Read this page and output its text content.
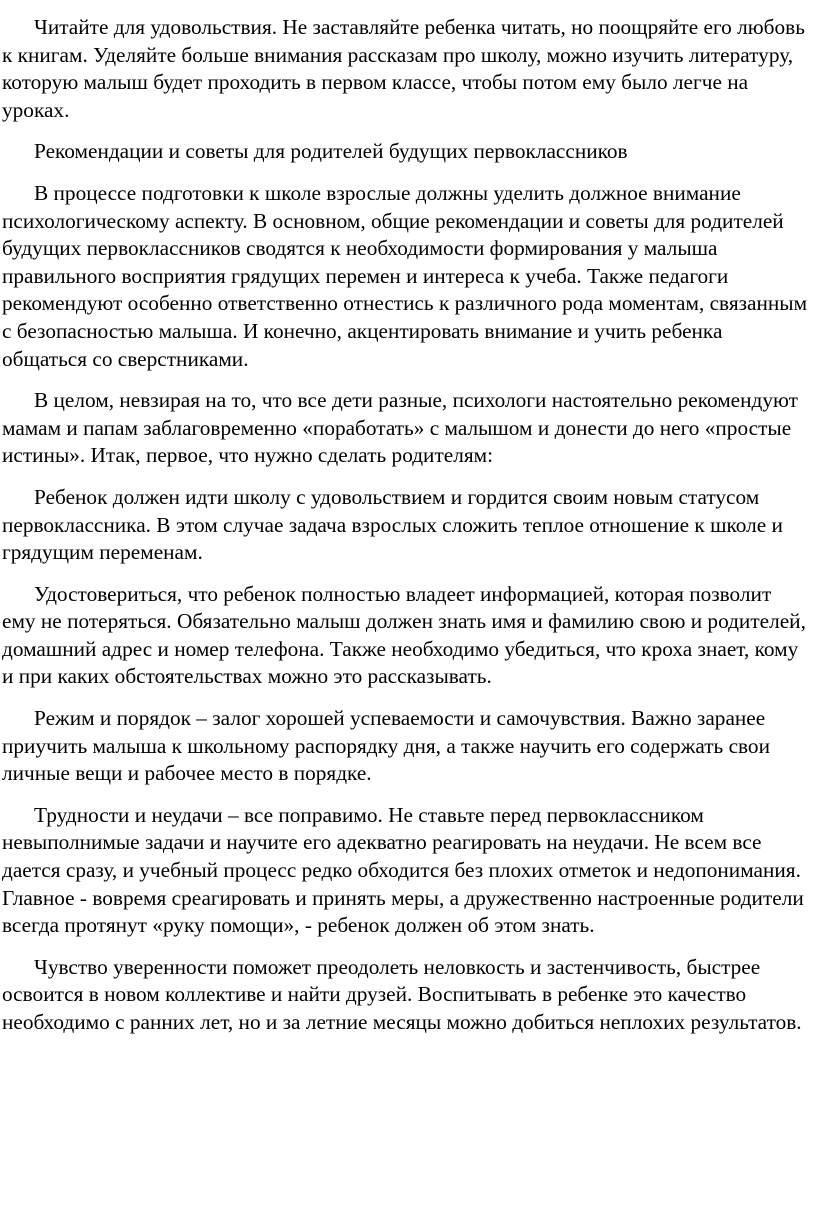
Читайте для удовольствия. Не заставляйте ребенка читать, но поощряйте его любовь к книгам. Уделяйте больше внимания рассказам про школу, можно изучить литературу, которую малыш будет проходить в первом классе, чтобы потом ему было легче на уроках.

Рекомендации и советы для родителей будущих первоклассников

В процессе подготовки к школе взрослые должны уделить должное внимание психологическому аспекту. В основном, общие рекомендации и советы для родителей будущих первоклассников сводятся к необходимости формирования у малыша правильного восприятия грядущих перемен и интереса к учеба. Также педагоги рекомендуют особенно ответственно отнестись к различного рода моментам, связанным с безопасностью малыша. И конечно, акцентировать внимание и учить ребенка общаться со сверстниками.

В целом, невзирая на то, что все дети разные, психологи настоятельно рекомендуют мамам и папам заблаговременно «поработать» с малышом и донести до него «простые истины». Итак, первое, что нужно сделать родителям:

Ребенок должен идти школу с удовольствием и гордится своим новым статусом первоклассника. В этом случае задача взрослых сложить теплое отношение к школе и грядущим переменам.

Удостовериться, что ребенок полностью владеет информацией, которая позволит ему не потеряться. Обязательно малыш должен знать имя и фамилию свою и родителей, домашний адрес и номер телефона. Также необходимо убедиться, что кроха знает, кому и при каких обстоятельствах можно это рассказывать.

Режим и порядок – залог хорошей успеваемости и самочувствия. Важно заранее приучить малыша к школьному распорядку дня, а также научить его содержать свои личные вещи и рабочее место в порядке.

Трудности и неудачи – все поправимо. Не ставьте перед первоклассником невыполнимые задачи и научите его адекватно реагировать на неудачи. Не всем все дается сразу, и учебный процесс редко обходится без плохих отметок и недопонимания. Главное - вовремя среагировать и принять меры, а дружественно настроенные родители всегда протянут «руку помощи», - ребенок должен об этом знать.

Чувство уверенности поможет преодолеть неловкость и застенчивость, быстрее освоится в новом коллективе и найти друзей. Воспитывать в ребенке это качество необходимо с ранних лет, но и за летние месяцы можно добиться неплохих результатов.
